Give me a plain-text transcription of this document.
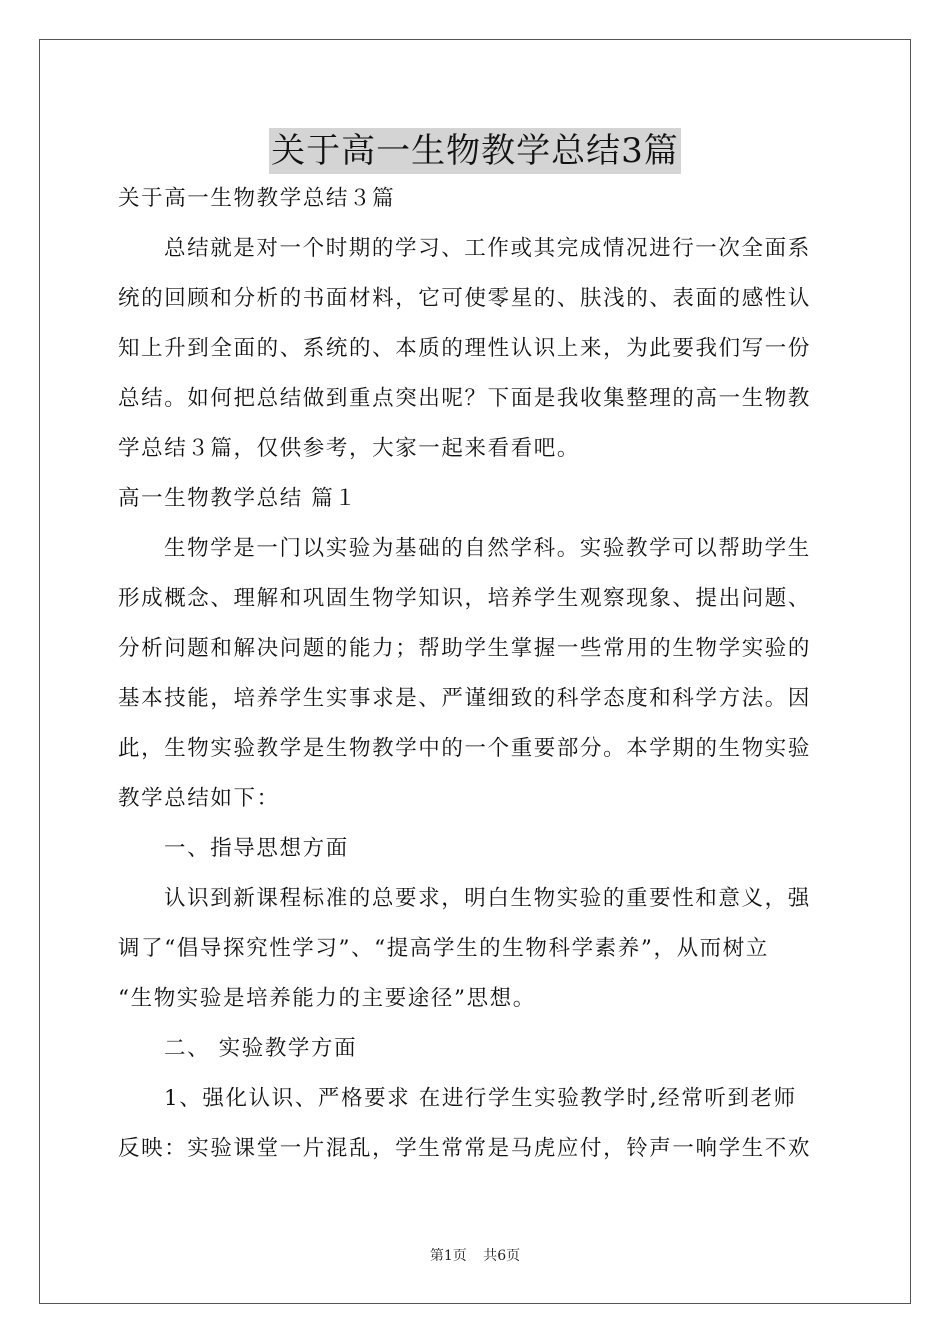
关于高一生物教学总结3篇

关于高一生物教学总结３篇

总结就是对一个时期的学习、工作或其完成情况进行一次全面系

统的回顾和分析的书面材料，它可使零星的、肤浅的、表面的感性认

知上升到全面的、系统的、本质的理性认识上来，为此要我们写一份

总结。如何把总结做到重点突出呢？下面是我收集整理的高一生物教

学总结３篇，仅供参考，大家一起来看看吧。

高一生物教学总结 篇１

生物学是一门以实验为基础的自然学科。实验教学可以帮助学生

形成概念、理解和巩固生物学知识，培养学生观察现象、提出问题、

分析问题和解决问题的能力；帮助学生掌握一些常用的生物学实验的

基本技能，培养学生实事求是、严谨细致的科学态度和科学方法。因

此，生物实验教学是生物教学中的一个重要部分。本学期的生物实验

教学总结如下：

一、指导思想方面

认识到新课程标准的总要求，明白生物实验的重要性和意义，强

调了“倡导探究性学习”、“提高学生的生物科学素养”，从而树立

“生物实验是培养能力的主要途径”思想。

二、 实验教学方面

1、强化认识、严格要求 在进行学生实验教学时,经常听到老师

反映：实验课堂一片混乱，学生常常是马虎应付，铃声一响学生不欢

第1页 共6页
